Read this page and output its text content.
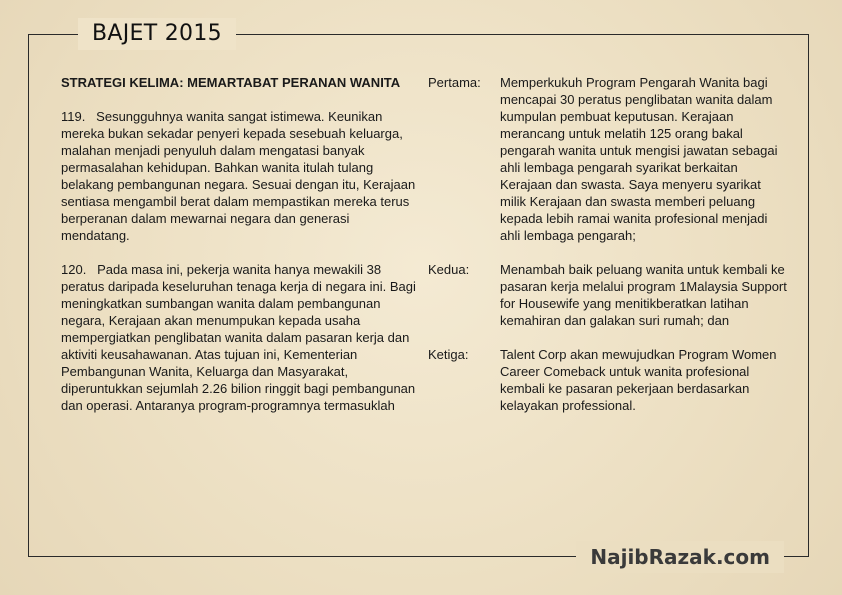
BAJET 2015
NajibRazak.com
STRATEGI KELIMA: MEMARTABAT PERANAN WANITA
119.   Sesungguhnya wanita sangat istimewa. Keunikan mereka bukan sekadar penyeri kepada sesebuah keluarga, malahan menjadi penyuluh dalam mengatasi banyak permasalahan kehidupan. Bahkan wanita itulah tulang belakang pembangunan negara. Sesuai dengan itu, Kerajaan sentiasa mengambil berat dalam mempastikan mereka terus berperanan dalam mewarnai negara dan generasi mendatang.
120.   Pada masa ini, pekerja wanita hanya mewakili 38 peratus daripada keseluruhan tenaga kerja di negara ini. Bagi meningkatkan sumbangan wanita dalam pembangunan negara, Kerajaan akan menumpukan kepada usaha mempergiatkan penglibatan wanita dalam pasaran kerja dan aktiviti keusahawanan. Atas tujuan ini, Kementerian Pembangunan Wanita, Keluarga dan Masyarakat, diperuntukkan sejumlah 2.26 bilion ringgit bagi pembangunan dan operasi. Antaranya program-programnya termasuklah
Pertama:	Memperkukuh Program Pengarah Wanita bagi mencapai 30 peratus penglibatan wanita dalam kumpulan pembuat keputusan. Kerajaan merancang untuk melatih 125 orang bakal pengarah wanita untuk mengisi jawatan sebagai ahli lembaga pengarah syarikat berkaitan Kerajaan dan swasta. Saya menyeru syarikat milik Kerajaan dan swasta memberi peluang kepada lebih ramai wanita profesional menjadi ahli lembaga pengarah;
Kedua:	Menambah baik peluang wanita untuk kembali ke pasaran kerja melalui program 1Malaysia Support for Housewife yang menitikberatkan latihan kemahiran dan galakan suri rumah; dan
Ketiga:	Talent Corp akan mewujudkan Program Women Career Comeback untuk wanita profesional kembali ke pasaran pekerjaan berdasarkan kelayakan professional.
